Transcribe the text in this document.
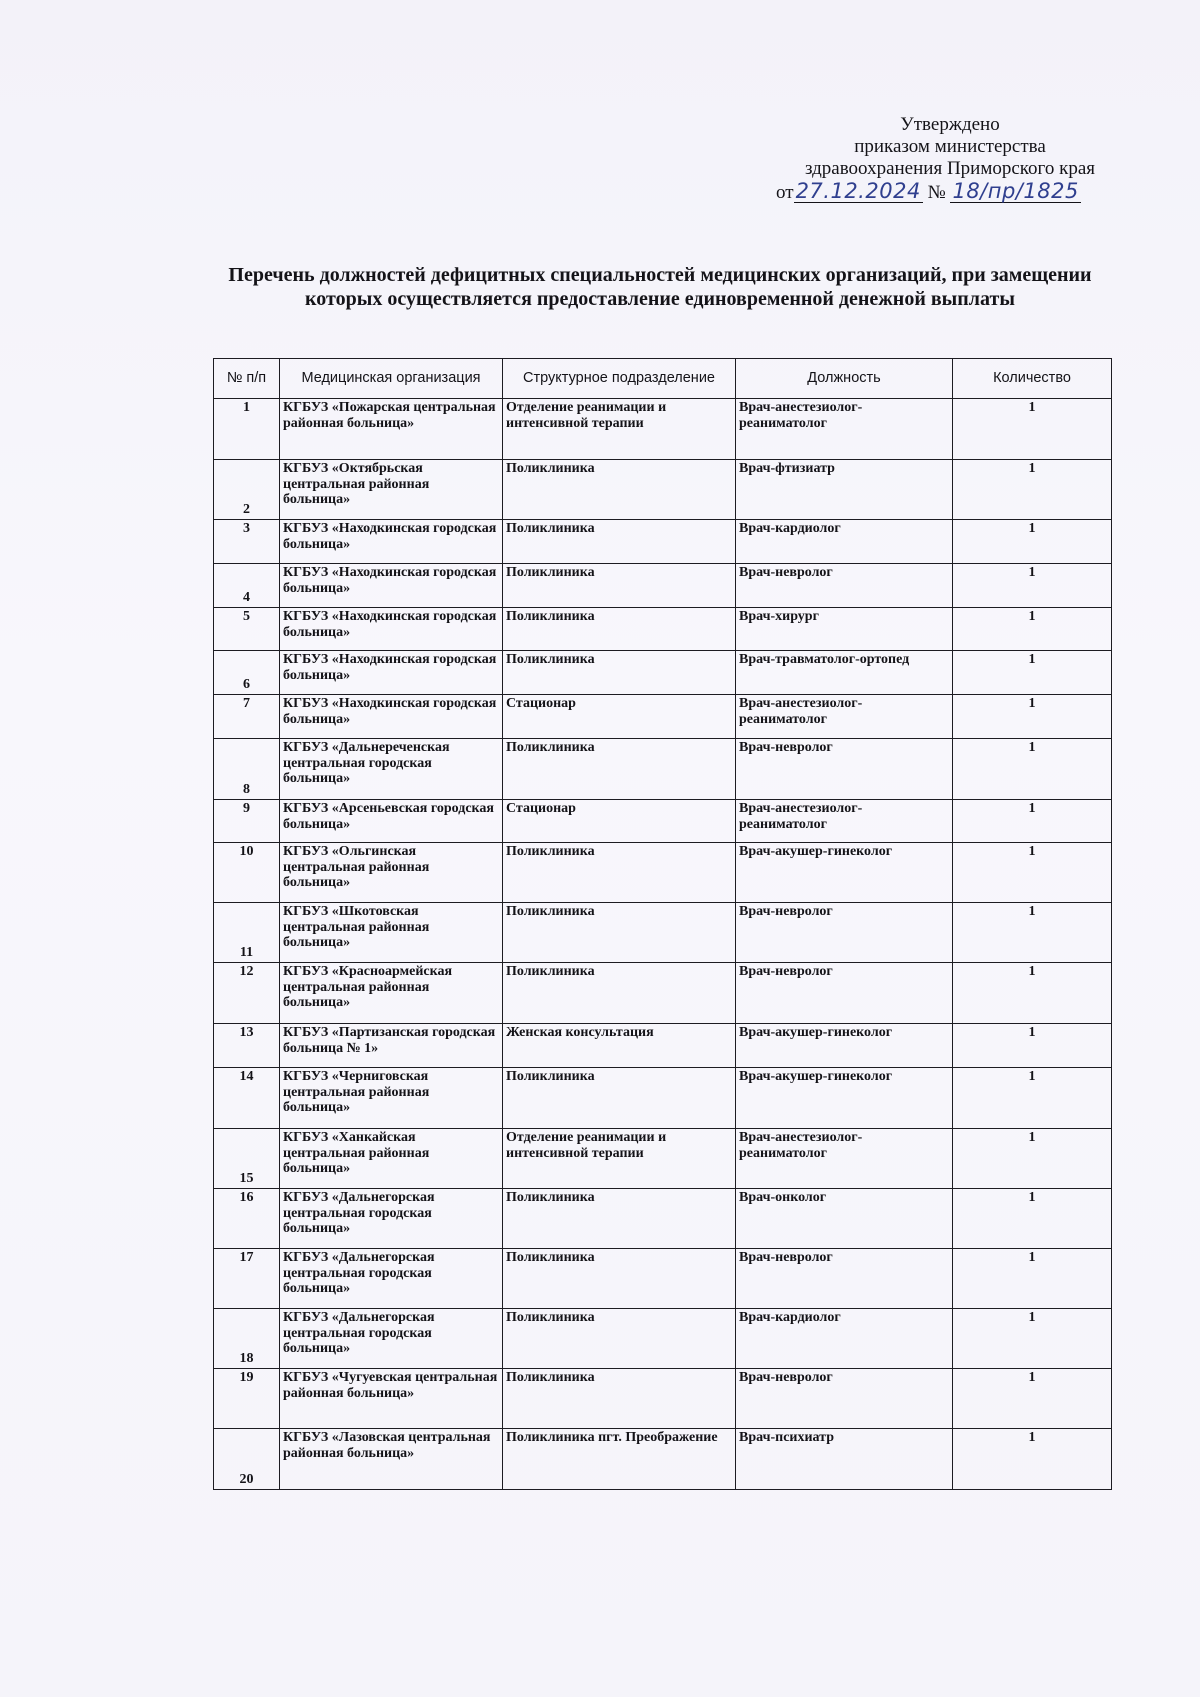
Утверждено
приказом министерства
здравоохранения Приморского края
от27.12.2024 № 18/пр/1825
Перечень должностей дефицитных специальностей медицинских организаций, при замещении
которых осуществляется предоставление единовременной денежной выплаты
№ п/п	Медицинская организация	Структурное подразделение	Должность	Количество
1	КГБУЗ «Пожарская центральная районная больница»	Отделение реанимации и интенсивной терапии	Врач-анестезиолог-реаниматолог	1
2	КГБУЗ «Октябрьская центральная районная больница»	Поликлиника	Врач-фтизиатр	1
3	КГБУЗ «Находкинская городская больница»	Поликлиника	Врач-кардиолог	1
4	КГБУЗ «Находкинская городская больница»	Поликлиника	Врач-невролог	1
5	КГБУЗ «Находкинская городская больница»	Поликлиника	Врач-хирург	1
6	КГБУЗ «Находкинская городская больница»	Поликлиника	Врач-травматолог-ортопед	1
7	КГБУЗ «Находкинская городская больница»	Стационар	Врач-анестезиолог-реаниматолог	1
8	КГБУЗ «Дальнереченская центральная городская больница»	Поликлиника	Врач-невролог	1
9	КГБУЗ «Арсеньевская городская больница»	Стационар	Врач-анестезиолог-реаниматолог	1
10	КГБУЗ «Ольгинская центральная районная больница»	Поликлиника	Врач-акушер-гинеколог	1
11	КГБУЗ «Шкотовская центральная районная больница»	Поликлиника	Врач-невролог	1
12	КГБУЗ «Красноармейская центральная районная больница»	Поликлиника	Врач-невролог	1
13	КГБУЗ «Партизанская городская больница № 1»	Женская консультация	Врач-акушер-гинеколог	1
14	КГБУЗ «Черниговская центральная районная больница»	Поликлиника	Врач-акушер-гинеколог	1
15	КГБУЗ «Ханкайская центральная районная больница»	Отделение реанимации и интенсивной терапии	Врач-анестезиолог-реаниматолог	1
16	КГБУЗ «Дальнегорская центральная городская больница»	Поликлиника	Врач-онколог	1
17	КГБУЗ «Дальнегорская центральная городская больница»	Поликлиника	Врач-невролог	1
18	КГБУЗ «Дальнегорская центральная городская больница»	Поликлиника	Врач-кардиолог	1
19	КГБУЗ «Чугуевская центральная районная больница»	Поликлиника	Врач-невролог	1
20	КГБУЗ «Лазовская центральная районная больница»	Поликлиника пгт. Преображение	Врач-психиатр	1
